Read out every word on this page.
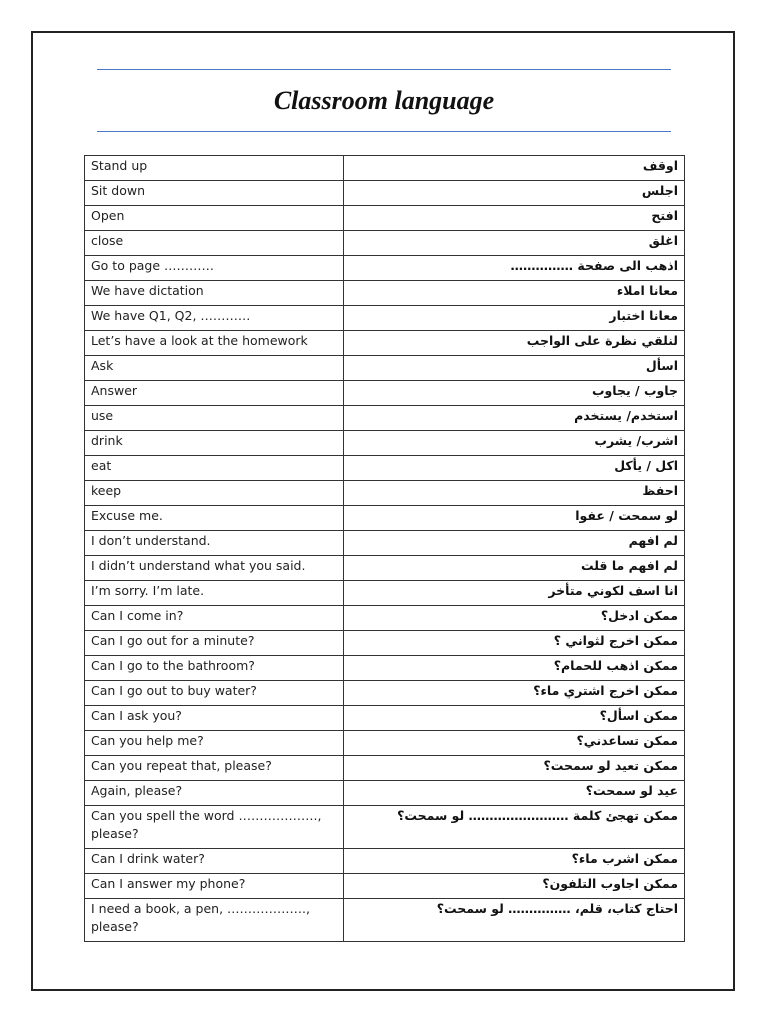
Classroom language
Stand up	اوقف
Sit down	اجلس
Open	افتح
close	اغلق
Go to page …………	اذهب الى صفحة ……………
We have dictation	معانا املاء
We have Q1, Q2, …………	معانا اختبار
Let’s have a look at the homework	لنلقي نظرة على الواجب
Ask	اسأل
Answer	جاوب / يجاوب
use	استخدم/ يستخدم
drink	اشرب/ يشرب
eat	اكل / يأكل
keep	احفظ
Excuse me.	لو سمحت / عفوا
I don’t understand.	لم افهم
I didn’t understand what you said.	لم افهم ما قلت
I’m sorry. I’m late.	انا اسف لكوني متأخر
Can I come in?	ممكن ادخل؟
Can I go out for a minute?	ممكن اخرج لثواني ؟
Can I go to the bathroom?	ممكن اذهب للحمام؟
Can I go out to buy water?	ممكن اخرج اشتري ماء؟
Can I ask you?	ممكن اسأل؟
Can you help me?	ممكن تساعدني؟
Can you repeat that, please?	ممكن تعيد لو سمحت؟
Again, please?	عيد لو سمحت؟
Can you spell the word ………………., please?	ممكن تهجئ كلمة …………………… لو سمحت؟
Can I drink water?	ممكن اشرب ماء؟
Can I answer my phone?	ممكن اجاوب التلفون؟
I need a book, a pen, ………………., please?	احتاج كتاب، قلم، …………… لو سمحت؟
